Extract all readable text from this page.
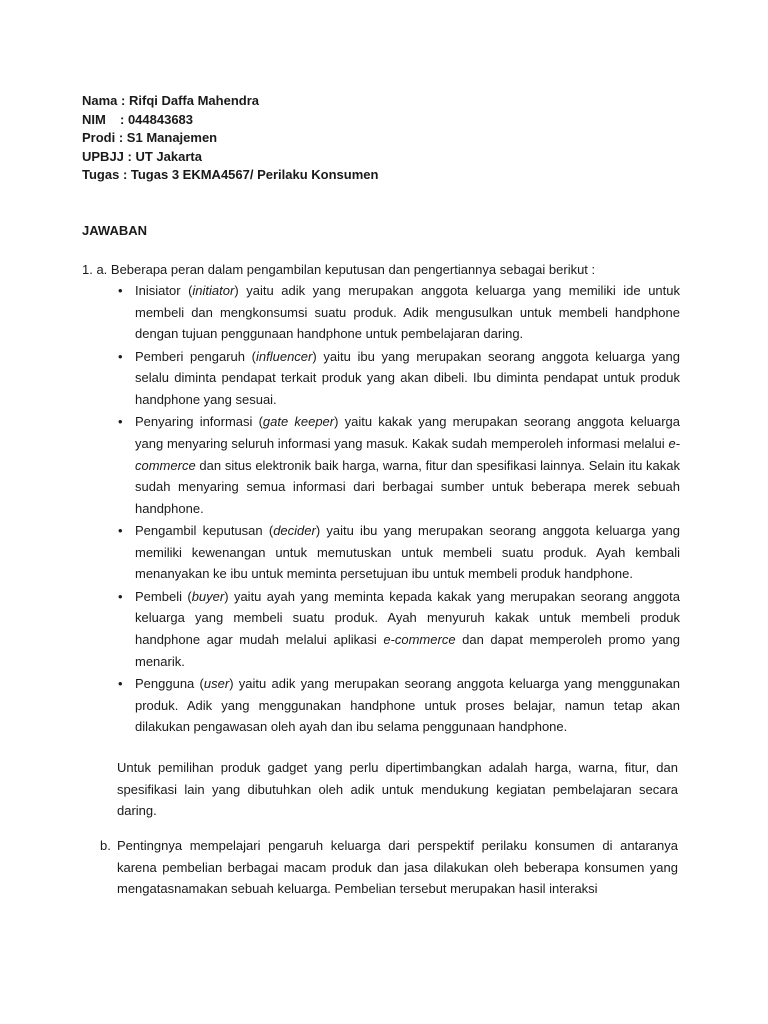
Nama
: Rifqi Daffa Mahendra
NIM	: 044843683
Prodi
: S1 Manajemen
UPBJJ
: UT Jakarta
Tugas
: Tugas 3 EKMA4567/ Perilaku Konsumen
JAWABAN
1. a. Beberapa peran dalam pengambilan keputusan dan pengertiannya sebagai berikut :
• Inisiator (initiator) yaitu adik yang merupakan anggota keluarga yang memiliki ide untuk membeli dan mengkonsumsi suatu produk. Adik mengusulkan untuk membeli handphone dengan tujuan penggunaan handphone untuk pembelajaran daring.
• Pemberi pengaruh (influencer) yaitu ibu yang merupakan seorang anggota keluarga yang selalu diminta pendapat terkait produk yang akan dibeli. Ibu diminta pendapat untuk produk handphone yang sesuai.
• Penyaring informasi (gate keeper) yaitu kakak yang merupakan seorang anggota keluarga yang menyaring seluruh informasi yang masuk. Kakak sudah memperoleh informasi melalui e-commerce dan situs elektronik baik harga, warna, fitur dan spesifikasi lainnya. Selain itu kakak sudah menyaring semua informasi dari berbagai sumber untuk beberapa merek sebuah handphone.
• Pengambil keputusan (decider) yaitu ibu yang merupakan seorang anggota keluarga yang memiliki kewenangan untuk memutuskan untuk membeli suatu produk. Ayah kembali menanyakan ke ibu untuk meminta persetujuan ibu untuk membeli produk handphone.
• Pembeli (buyer) yaitu ayah yang meminta kepada kakak yang merupakan seorang anggota keluarga yang membeli suatu produk. Ayah menyuruh kakak untuk membeli produk handphone agar mudah melalui aplikasi e-commerce dan dapat memperoleh promo yang menarik.
• Pengguna (user) yaitu adik yang merupakan seorang anggota keluarga yang menggunakan produk. Adik yang menggunakan handphone untuk proses belajar, namun tetap akan dilakukan pengawasan oleh ayah dan ibu selama penggunaan handphone.
Untuk pemilihan produk gadget yang perlu dipertimbangkan adalah harga, warna, fitur, dan spesifikasi lain yang dibutuhkan oleh adik untuk mendukung kegiatan pembelajaran secara daring.
b. Pentingnya mempelajari pengaruh keluarga dari perspektif perilaku konsumen di antaranya karena pembelian berbagai macam produk dan jasa dilakukan oleh beberapa konsumen yang mengatasnamakan sebuah keluarga. Pembelian tersebut merupakan hasil interaksi
